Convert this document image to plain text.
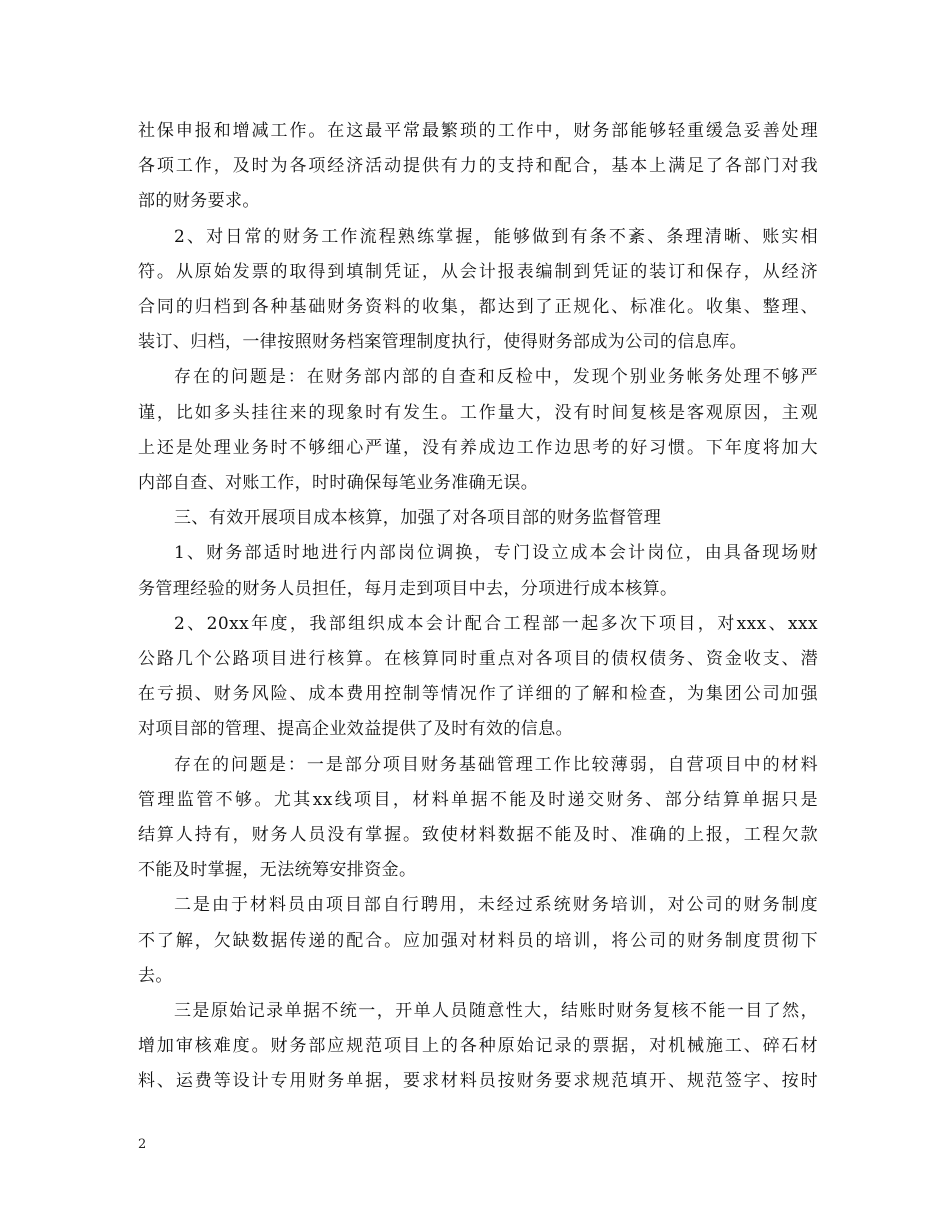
社保申报和增减工作。在这最平常最繁琐的工作中，财务部能够轻重缓急妥善处理
各项工作，及时为各项经济活动提供有力的支持和配合，基本上满足了各部门对我
部的财务要求。

2、对日常的财务工作流程熟练掌握，能够做到有条不紊、条理清晰、账实相
符。从原始发票的取得到填制凭证，从会计报表编制到凭证的装订和保存，从经济
合同的归档到各种基础财务资料的收集，都达到了正规化、标准化。收集、整理、
装订、归档，一律按照财务档案管理制度执行，使得财务部成为公司的信息库。

存在的问题是：在财务部内部的自查和反检中，发现个别业务帐务处理不够严
谨，比如多头挂往来的现象时有发生。工作量大，没有时间复核是客观原因，主观
上还是处理业务时不够细心严谨，没有养成边工作边思考的好习惯。下年度将加大
内部自查、对账工作，时时确保每笔业务准确无误。

三、有效开展项目成本核算，加强了对各项目部的财务监督管理

1、财务部适时地进行内部岗位调换，专门设立成本会计岗位，由具备现场财
务管理经验的财务人员担任，每月走到项目中去，分项进行成本核算。

2、20xx年度，我部组织成本会计配合工程部一起多次下项目，对xxx、xxx
公路几个公路项目进行核算。在核算同时重点对各项目的债权债务、资金收支、潜
在亏损、财务风险、成本费用控制等情况作了详细的了解和检查，为集团公司加强
对项目部的管理、提高企业效益提供了及时有效的信息。

存在的问题是：一是部分项目财务基础管理工作比较薄弱，自营项目中的材料
管理监管不够。尤其xx线项目，材料单据不能及时递交财务、部分结算单据只是
结算人持有，财务人员没有掌握。致使材料数据不能及时、准确的上报，工程欠款
不能及时掌握，无法统筹安排资金。

二是由于材料员由项目部自行聘用，未经过系统财务培训，对公司的财务制度
不了解，欠缺数据传递的配合。应加强对材料员的培训，将公司的财务制度贯彻下
去。

三是原始记录单据不统一，开单人员随意性大，结账时财务复核不能一目了然，
增加审核难度。财务部应规范项目上的各种原始记录的票据，对机械施工、碎石材
料、运费等设计专用财务单据，要求材料员按财务要求规范填开、规范签字、按时

2
